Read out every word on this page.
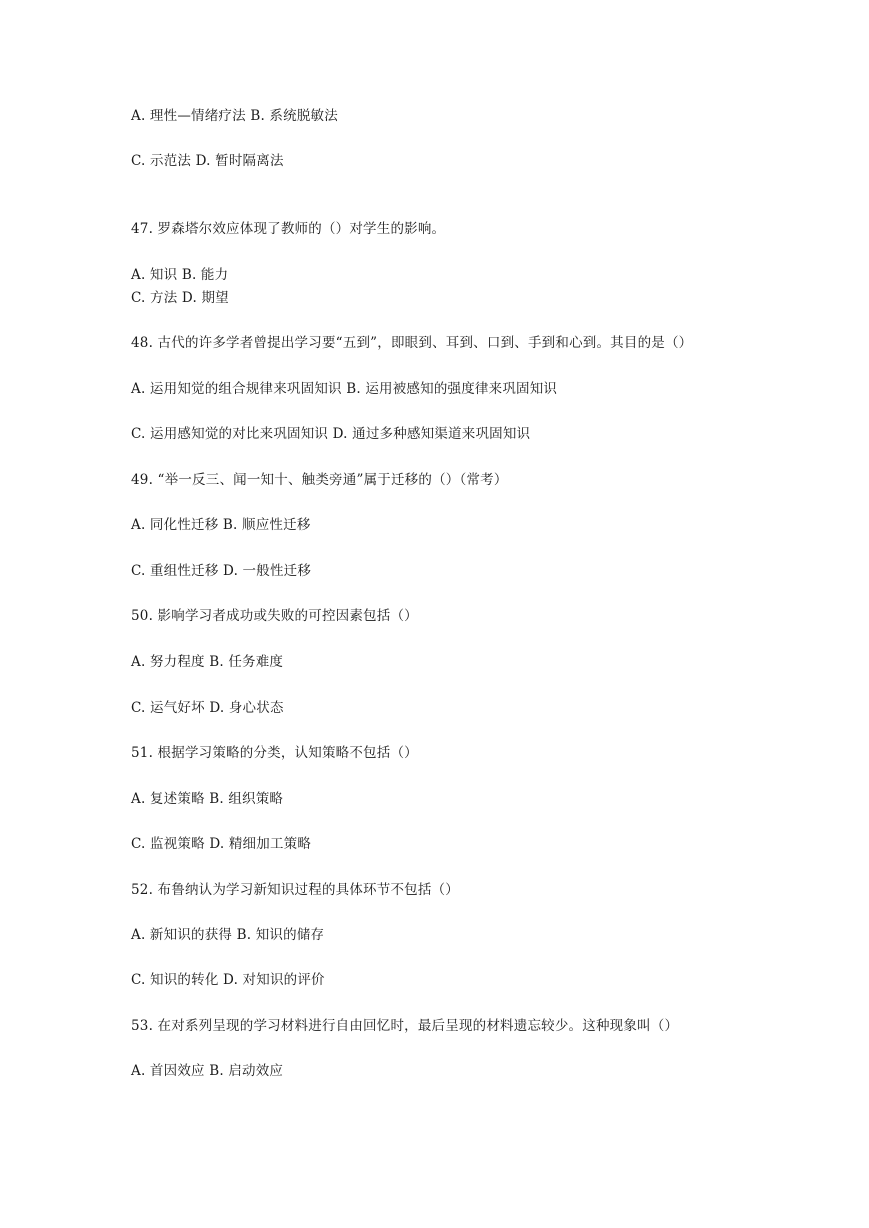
A. 理性—情绪疗法 B. 系统脱敏法
C. 示范法 D. 暂时隔离法
47. 罗森塔尔效应体现了教师的（）对学生的影响。
A. 知识 B. 能力
C. 方法 D. 期望
48. 古代的许多学者曾提出学习要“五到”，即眼到、耳到、口到、手到和心到。其目的是（）
A. 运用知觉的组合规律来巩固知识 B. 运用被感知的强度律来巩固知识
C. 运用感知觉的对比来巩固知识 D. 通过多种感知渠道来巩固知识
49. “举一反三、闻一知十、触类旁通”属于迁移的（）（常考）
A. 同化性迁移 B. 顺应性迁移
C. 重组性迁移 D. 一般性迁移
50. 影响学习者成功或失败的可控因素包括（）
A. 努力程度 B. 任务难度
C. 运气好坏 D. 身心状态
51. 根据学习策略的分类，认知策略不包括（）
A. 复述策略 B. 组织策略
C. 监视策略 D. 精细加工策略
52. 布鲁纳认为学习新知识过程的具体环节不包括（）
A. 新知识的获得 B. 知识的储存
C. 知识的转化 D. 对知识的评价
53. 在对系列呈现的学习材料进行自由回忆时，最后呈现的材料遗忘较少。这种现象叫（）
A. 首因效应 B. 启动效应
